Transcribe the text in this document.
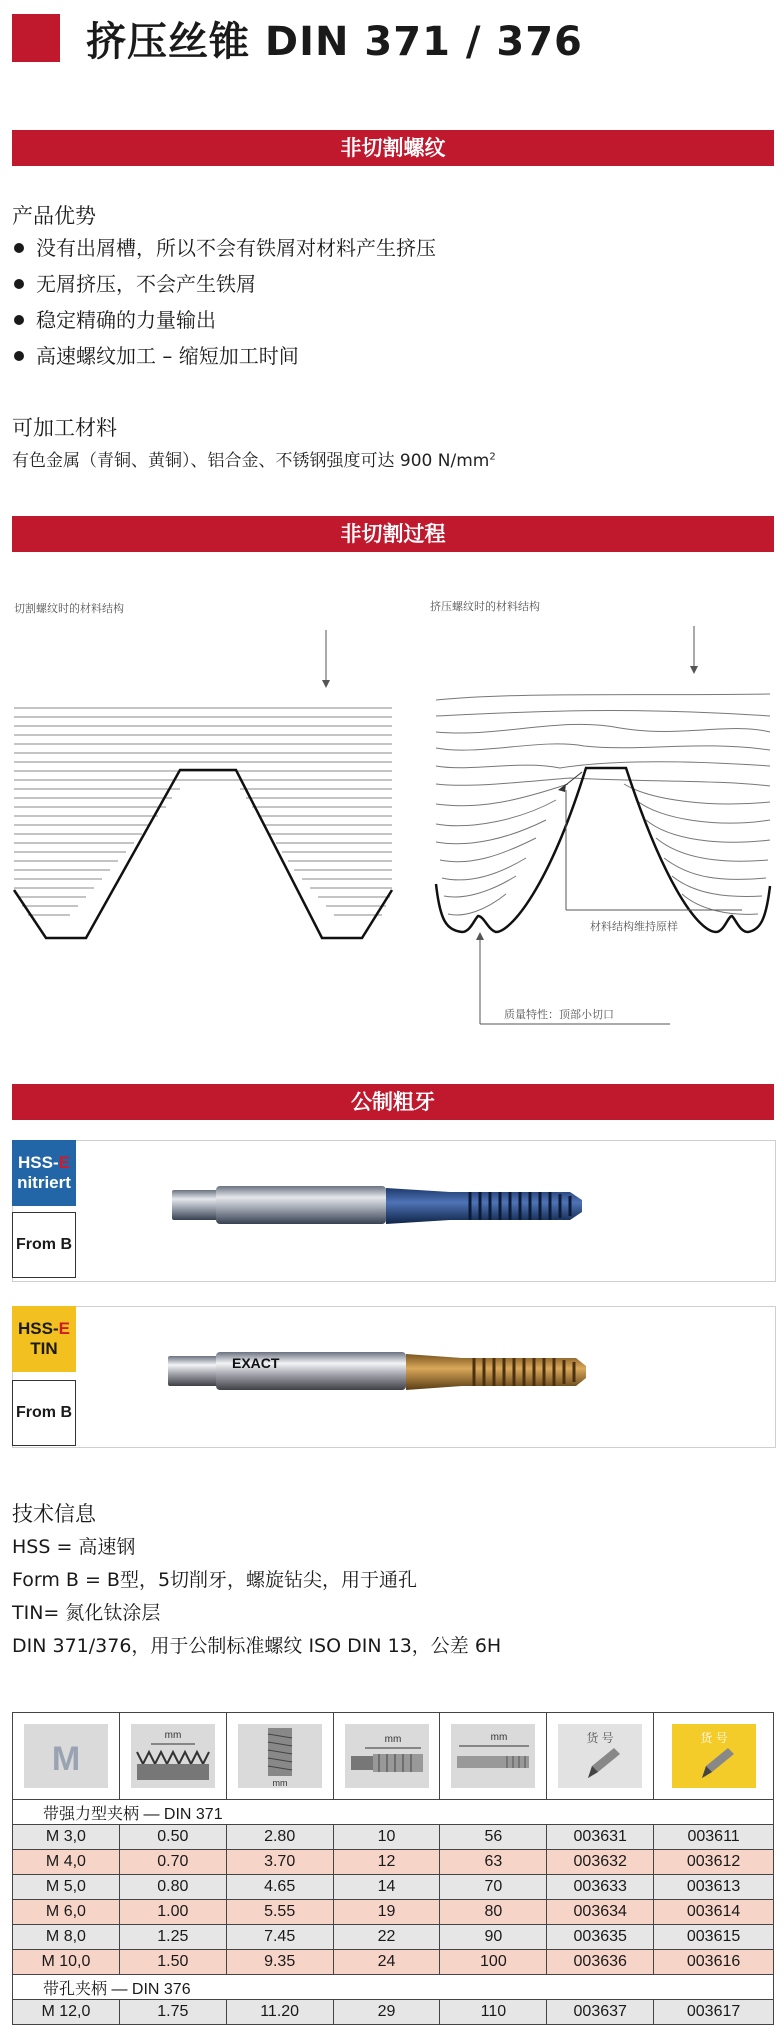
挤压丝锥 DIN 371 / 376
非切割螺纹
产品优势
没有出屑槽，所以不会有铁屑对材料产生挤压
无屑挤压，不会产生铁屑
稳定精确的力量输出
高速螺纹加工 – 缩短加工时间
可加工材料
有色金属（青铜、黄铜）、铝合金、不锈钢强度可达 900 $N/mm^2$
非切割过程
切割螺纹时的材料结构	挤压螺纹时的材料结构
材料结构维持原样
质量特性：顶部小切口
公制粗牙
HSS-E
nitriert
From B
HSS-E
TIN
From B
EXACT
技术信息
HSS = 高速钢
Form B = B型，5切削牙，螺旋钻尖，用于通孔
TIN= 氮化钛涂层
DIN 371/376，用于公制标准螺纹 ISO DIN 13，公差 6H
M	mm	mm	mm	mm	货 号	货 号

带强力型夹柄 — DIN 371						
M 3,0	0.50	2.80	10	56	003631	003611
M 4,0	0.70	3.70	12	63	003632	003612
M 5,0	0.80	4.65	14	70	003633	003613
M 6,0	1.00	5.55	19	80	003634	003614
M 8,0	1.25	7.45	22	90	003635	003615
M 10,0	1.50	9.35	24	100	003636	003616
带孔夹柄 — DIN 376						
M 12,0	1.75	11.20	29	110	003637	003617
